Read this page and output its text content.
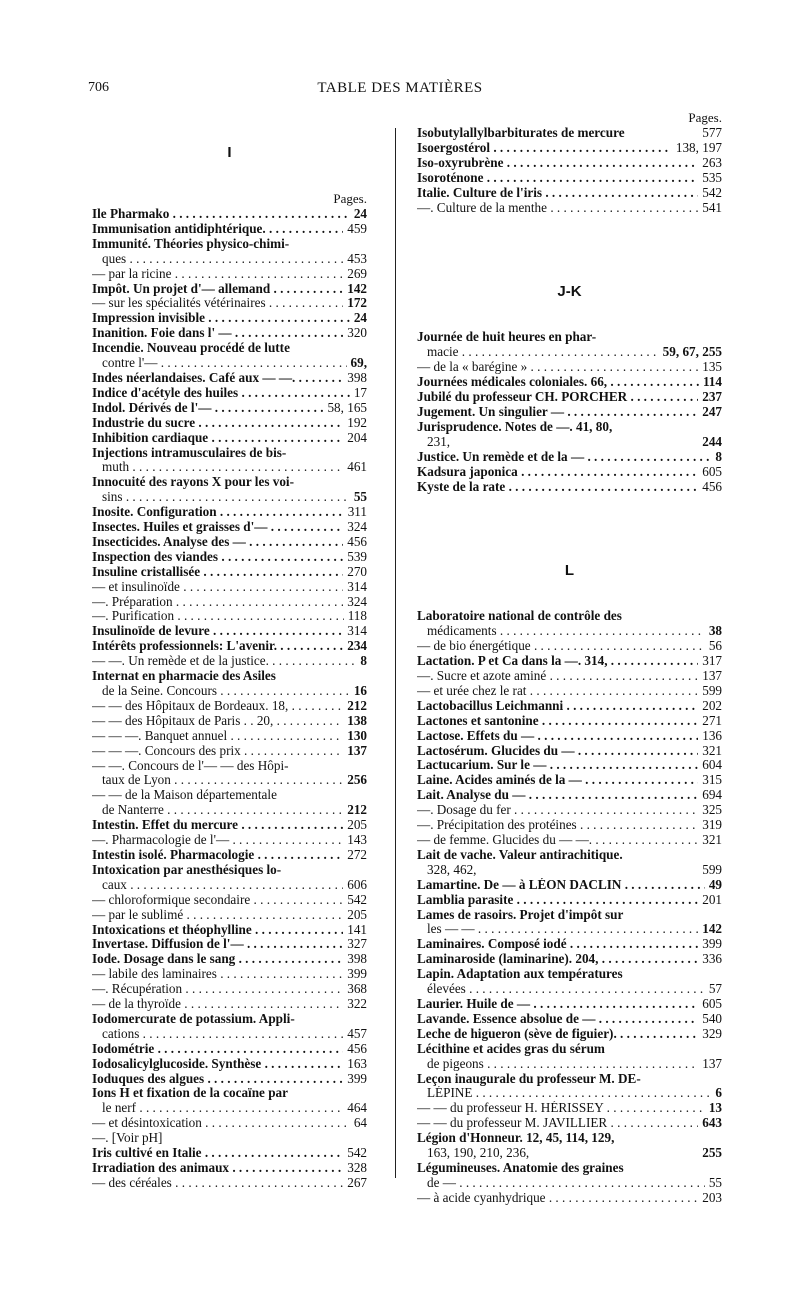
706	TABLE DES MATIÈRES
I
Pages.
Ile Pharmako . . .	24
Immunisation antidiphtérique. . . .	459
Immunité. Théories physico-chimi-
ques . . .	453
— par la ricine . . .	269
Impôt. Un projet d'— allemand . . .	142
— sur les spécialités vétérinaires . . .	172
Impression invisible . . .	24
Inanition. Foie dans l' — . . .	320
Incendie. Nouveau procédé de lutte
contre l'— . . .	69,
Indes néerlandaises. Café aux — —. . . .	398
Indice d'acétyle des huiles . . .	17
Indol. Dérivés de l'— . . .	58, 165
Industrie du sucre . . .	192
Inhibition cardiaque . . .	204
Injections intramusculaires de bis-
muth . . .	461
Innocuité des rayons X pour les voi-
sins . . .	55
Inosite. Configuration . . .	311
Insectes. Huiles et graisses d'— . . .	324
Insecticides. Analyse des — . . .	456
Inspection des viandes . . .	539
Insuline cristallisée . . .	270
— et insulinoïde . . .	314
—. Préparation . . .	324
—. Purification . . .	118
Insulinoïde de levure . . .	314
Intérêts professionnels: L'avenir. . . .	234
— —. Un remède et de la justice. . . .	8
Internat en pharmacie des Asiles
de la Seine. Concours . . .	16
— — des Hôpitaux de Bordeaux. 18, . . .	212
— — des Hôpitaux de Paris . . 20, . . .	138
— — —. Banquet annuel . . .	130
— — —. Concours des prix . . .	137
— —. Concours de l'— — des Hôpi-
taux de Lyon . . .	256
— — de la Maison départementale
de Nanterre . . .	212
Intestin. Effet du mercure . . .	205
—. Pharmacologie de l'— . . .	143
Intestin isolé. Pharmacologie . . .	272
Intoxication par anesthésiques lo-
caux . . .	606
— chloroformique secondaire . . .	542
— par le sublimé . . .	205
Intoxications et théophylline . . .	141
Invertase. Diffusion de l'— . . .	327
Iode. Dosage dans le sang . . .	398
— labile des laminaires . . .	399
—. Récupération . . .	368
— de la thyroïde . . .	322
Iodomercurate de potassium. Appli-
cations . . .	457
Iodométrie . . .	456
Iodosalicylglucoside. Synthèse . . .	163
Ioduques des algues . . .	399
Ions H et fixation de la cocaïne par
le nerf . . .	464
— et désintoxication . . .	64
—. [Voir pH]
Iris cultivé en Italie . . .	542
Irradiation des animaux . . .	328
— des céréales . . .	267
Pages.
Isobutylallylbarbiturates de mercure	577
Isoergostérol . . .	138, 197
Iso-oxyrubrène . . .	263
Isoroténone . . .	535
Italie. Culture de l'iris . . .	542
—. Culture de la menthe . . .	541
J-K
Journée de huit heures en phar-
macie . . .	59, 67, 255
— de la « barégine » . . .	135
Journées médicales coloniales. 66, . . .	114
Jubilé du professeur CH. PORCHER . . .	237
Jugement. Un singulier — . . .	247
Jurisprudence. Notes de —. 41, 80,
231,	244
Justice. Un remède et de la — . . .	8
Kadsura japonica . . .	605
Kyste de la rate . . .	456
L
Laboratoire national de contrôle des
médicaments . . .	38
— de bio énergétique . . .	56
Lactation. P et Ca dans la —. 314, . . .	317
—. Sucre et azote aminé . . .	137
— et urée chez le rat . . .	599
Lactobacillus Leichmanni . . .	202
Lactones et santonine . . .	271
Lactose. Effets du — . . .	136
Lactosérum. Glucides du — . . .	321
Lactucarium. Sur le — . . .	604
Laine. Acides aminés de la — . . .	315
Lait. Analyse du — . . .	694
—. Dosage du fer . . .	325
—. Précipitation des protéines . . .	319
— de femme. Glucides du — —. . . .	321
Lait de vache. Valeur antirachitique.
328, 462,	599
Lamartine. De — à LÉON DACLIN . . .	49
Lamblia parasite . . .	201
Lames de rasoirs. Projet d'impôt sur
les — — . . .	142
Laminaires. Composé iodé . . .	399
Laminaroside (laminarine). 204, . . .	336
Lapin. Adaptation aux températures
élevées . . .	57
Laurier. Huile de — . . .	605
Lavande. Essence absolue de — . . .	540
Leche de higueron (sève de figuier). . . .	329
Lécithine et acides gras du sérum
de pigeons . . .	137
Leçon inaugurale du professeur M. DE-
LÉPINE . . .	6
— — du professeur H. HÉRISSEY . . .	13
— — du professeur M. JAVILLIER . . .	643
Légion d'Honneur. 12, 45, 114, 129,
163, 190, 210, 236,	255
Légumineuses. Anatomie des graines
de — . . .	55
— à acide cyanhydrique . . .	203
